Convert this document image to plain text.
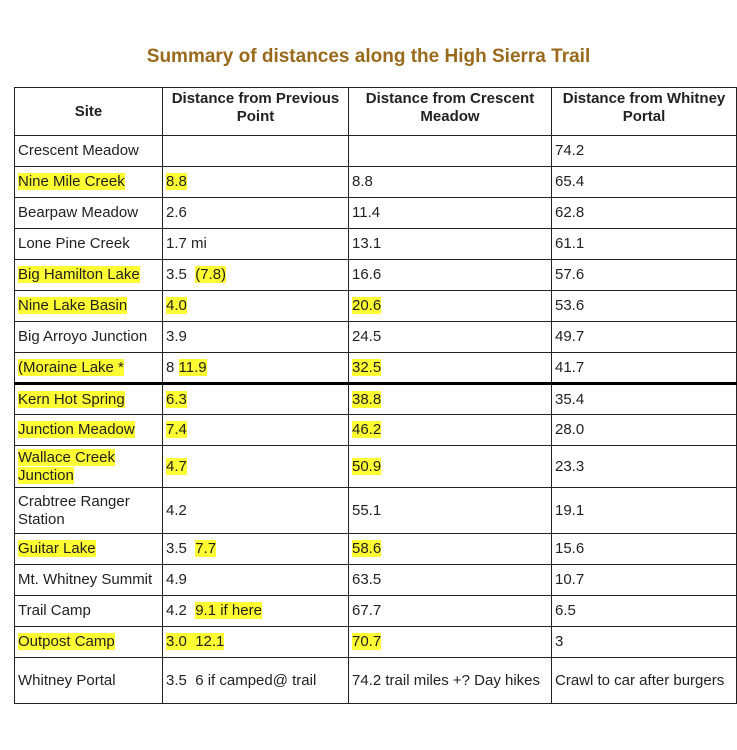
Summary of distances along the High Sierra Trail
Site	Distance from Previous Point	Distance from Crescent Meadow	Distance from Whitney Portal
Crescent Meadow			74.2
Nine Mile Creek	8.8	8.8	65.4
Bearpaw Meadow	2.6	11.4	62.8
Lone Pine Creek	1.7 mi	13.1	61.1
Big Hamilton Lake	3.5 (7.8)	16.6	57.6
Nine Lake Basin	4.0	20.6	53.6
Big Arroyo Junction	3.9	24.5	49.7
(Moraine Lake *	8 11.9	32.5	41.7
Kern Hot Spring	6.3	38.8	35.4
Junction Meadow	7.4	46.2	28.0
Wallace Creek Junction	4.7	50.9	23.3
Crabtree Ranger Station	4.2	55.1	19.1
Guitar Lake	3.5 7.7	58.6	15.6
Mt. Whitney Summit	4.9	63.5	10.7
Trail Camp	4.2 9.1 if here	67.7	6.5
Outpost Camp	3.0 12.1	70.7	3
Whitney Portal	3.5 6 if camped@ trail	74.2 trail miles +? Day hikes	Crawl to car after burgers
